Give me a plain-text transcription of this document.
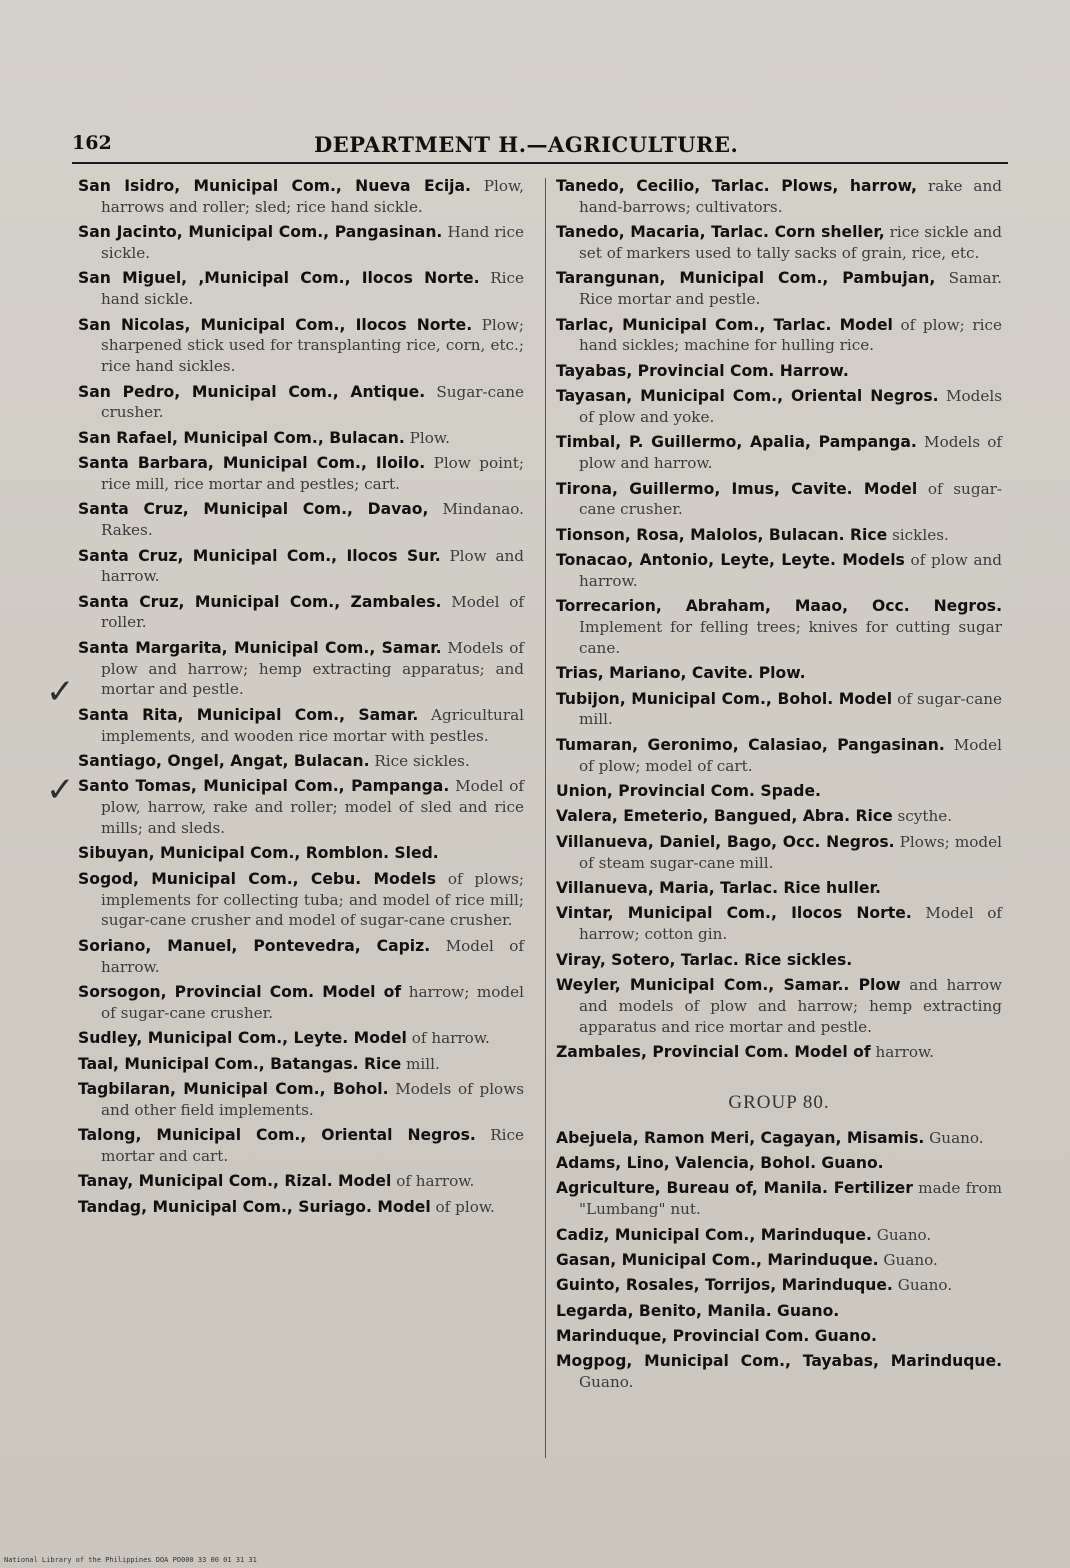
162	DEPARTMENT H.—AGRICULTURE.

San Isidro, Municipal Com., Nueva Ecija. Plow, harrows and roller; sled; rice hand sickle.

San Jacinto, Municipal Com., Pangasinan. Hand rice sickle.

San Miguel, ,Municipal Com., Ilocos Norte. Rice hand sickle.

San Nicolas, Municipal Com., Ilocos Norte. Plow; sharpened stick used for transplanting rice, corn, etc.; rice hand sickles.

San Pedro, Municipal Com., Antique. Sugar-cane crusher.

San Rafael, Municipal Com., Bulacan. Plow.

Santa Barbara, Municipal Com., Iloilo. Plow point; rice mill, rice mortar and pestles; cart.

Santa Cruz, Municipal Com., Davao, Mindanao. Rakes.

Santa Cruz, Municipal Com., Ilocos Sur. Plow and harrow.

Santa Cruz, Municipal Com., Zambales. Model of roller.

Santa Margarita, Municipal Com., Samar. Models of plow and harrow; hemp extracting apparatus; and mortar and pestle.

Santa Rita, Municipal Com., Samar. Agricultural implements, and wooden rice mortar with pestles.

Santiago, Ongel, Angat, Bulacan. Rice sickles.

Santo Tomas, Municipal Com., Pampanga. Model of plow, harrow, rake and roller; model of sled and rice mills; and sleds.

Sibuyan, Municipal Com., Romblon. Sled.

Sogod, Municipal Com., Cebu. Models of plows; implements for collecting tuba; and model of rice mill; sugar-cane crusher and model of sugar-cane crusher.

Soriano, Manuel, Pontevedra, Capiz. Model of harrow.

Sorsogon, Provincial Com. Model of harrow; model of sugar-cane crusher.

Sudley, Municipal Com., Leyte. Model of harrow.

Taal, Municipal Com., Batangas. Rice mill.

Tagbilaran, Municipal Com., Bohol. Models of plows and other field implements.

Talong, Municipal Com., Oriental Negros. Rice mortar and cart.

Tanay, Municipal Com., Rizal. Model of harrow.

Tandag, Municipal Com., Suriago. Model of plow.

Tanedo, Cecilio, Tarlac. Plows, harrow, rake and hand-barrows; cultivators.

Tanedo, Macaria, Tarlac. Corn sheller, rice sickle and set of markers used to tally sacks of grain, rice, etc.

Tarangunan, Municipal Com., Pambujan, Samar. Rice mortar and pestle.

Tarlac, Municipal Com., Tarlac. Model of plow; rice hand sickles; machine for hulling rice.

Tayabas, Provincial Com. Harrow.

Tayasan, Municipal Com., Oriental Negros. Models of plow and yoke.

Timbal, P. Guillermo, Apalia, Pampanga. Models of plow and harrow.

Tirona, Guillermo, Imus, Cavite. Model of sugar-cane crusher.

Tionson, Rosa, Malolos, Bulacan. Rice sickles.

Tonacao, Antonio, Leyte, Leyte. Models of plow and harrow.

Torrecarion, Abraham, Maao, Occ. Negros. Implement for felling trees; knives for cutting sugar cane.

Trias, Mariano, Cavite. Plow.

Tubijon, Municipal Com., Bohol. Model of sugar-cane mill.

Tumaran, Geronimo, Calasiao, Pangasinan. Model of plow; model of cart.

Union, Provincial Com. Spade.

Valera, Emeterio, Bangued, Abra. Rice scythe.

Villanueva, Daniel, Bago, Occ. Negros. Plows; model of steam sugar-cane mill.

Villanueva, Maria, Tarlac. Rice huller.

Vintar, Municipal Com., Ilocos Norte. Model of harrow; cotton gin.

Viray, Sotero, Tarlac. Rice sickles.

Weyler, Municipal Com., Samar.. Plow and harrow and models of plow and harrow; hemp extracting apparatus and rice mortar and pestle.

Zambales, Provincial Com. Model of harrow.

GROUP 80.

Abejuela, Ramon Meri, Cagayan, Misamis. Guano.

Adams, Lino, Valencia, Bohol. Guano.

Agriculture, Bureau of, Manila. Fertilizer made from "Lumbang" nut.

Cadiz, Municipal Com., Marinduque. Guano.

Gasan, Municipal Com., Marinduque. Guano.

Guinto, Rosales, Torrijos, Marinduque. Guano.

Legarda, Benito, Manila. Guano.

Marinduque, Provincial Com. Guano.

Mogpog, Municipal Com., Tayabas, Marinduque. Guano.

✓
✓
National Library of the Philippines DOA PO000 33 00 01 31 31
